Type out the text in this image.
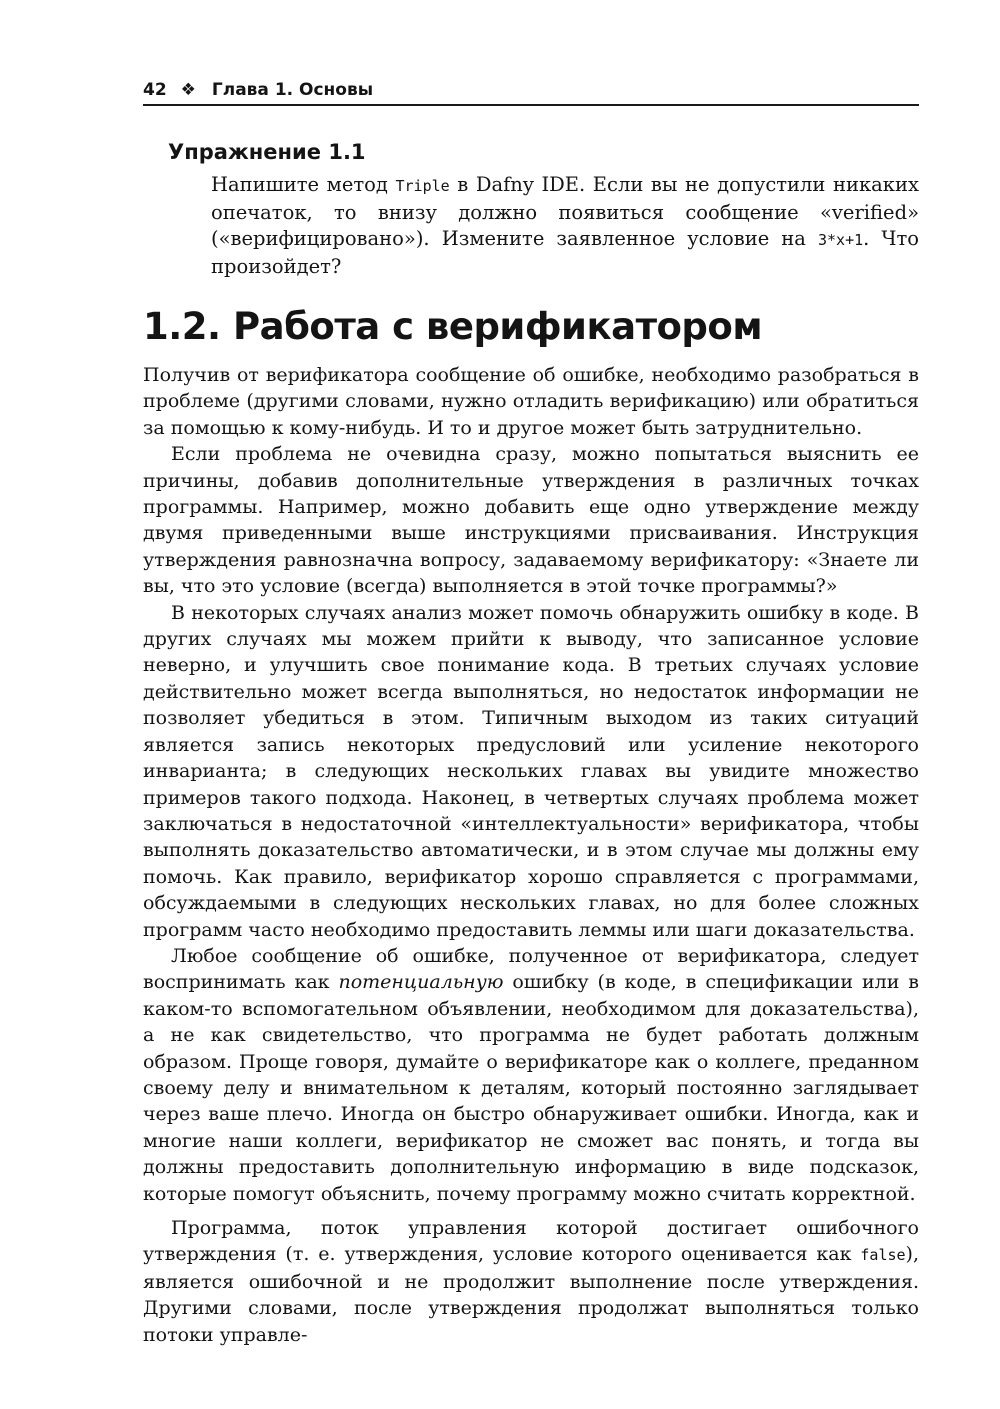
42 ❖ Глава 1. Основы
Упражнение 1.1
Напишите метод Triple в Dafny IDE. Если вы не допустили никаких опечаток, то внизу должно появиться сообщение «verified» («верифицировано»). Измените заявленное условие на 3*x+1. Что произойдет?
1.2. Работа с верификатором

Получив от верификатора сообщение об ошибке, необходимо разобраться в проблеме (другими словами, нужно отладить верификацию) или обратиться за помощью к кому-нибудь. И то и другое может быть затруднительно.

Если проблема не очевидна сразу, можно попытаться выяснить ее причины, добавив дополнительные утверждения в различных точках программы. Например, можно добавить еще одно утверждение между двумя приведенными выше инструкциями присваивания. Инструкция утверждения равнозначна вопросу, задаваемому верификатору: «Знаете ли вы, что это условие (всегда) выполняется в этой точке программы?»

В некоторых случаях анализ может помочь обнаружить ошибку в коде. В других случаях мы можем прийти к выводу, что записанное условие неверно, и улучшить свое понимание кода. В третьих случаях условие действительно может всегда выполняться, но недостаток информации не позволяет убедиться в этом. Типичным выходом из таких ситуаций является запись некоторых предусловий или усиление некоторого инварианта; в следующих нескольких главах вы увидите множество примеров такого подхода. Наконец, в четвертых случаях проблема может заключаться в недостаточной «интеллектуальности» верификатора, чтобы выполнять доказательство автоматически, и в этом случае мы должны ему помочь. Как правило, верификатор хорошо справляется с программами, обсуждаемыми в следующих нескольких главах, но для более сложных программ часто необходимо предоставить леммы или шаги доказательства.

Любое сообщение об ошибке, полученное от верификатора, следует воспринимать как потенциальную ошибку (в коде, в спецификации или в каком-то вспомогательном объявлении, необходимом для доказательства), а не как свидетельство, что программа не будет работать должным образом. Проще говоря, думайте о верификаторе как о коллеге, преданном своему делу и внимательном к деталям, который постоянно заглядывает через ваше плечо. Иногда он быстро обнаруживает ошибки. Иногда, как и многие наши коллеги, верификатор не сможет вас понять, и тогда вы должны предоставить дополнительную информацию в виде подсказок, которые помогут объяснить, почему программу можно считать корректной.

Программа, поток управления которой достигает ошибочного утверждения (т. е. утверждения, условие которого оценивается как false), является ошибочной и не продолжит выполнение после утверждения. Другими словами, после утверждения продолжат выполняться только потоки управле-
